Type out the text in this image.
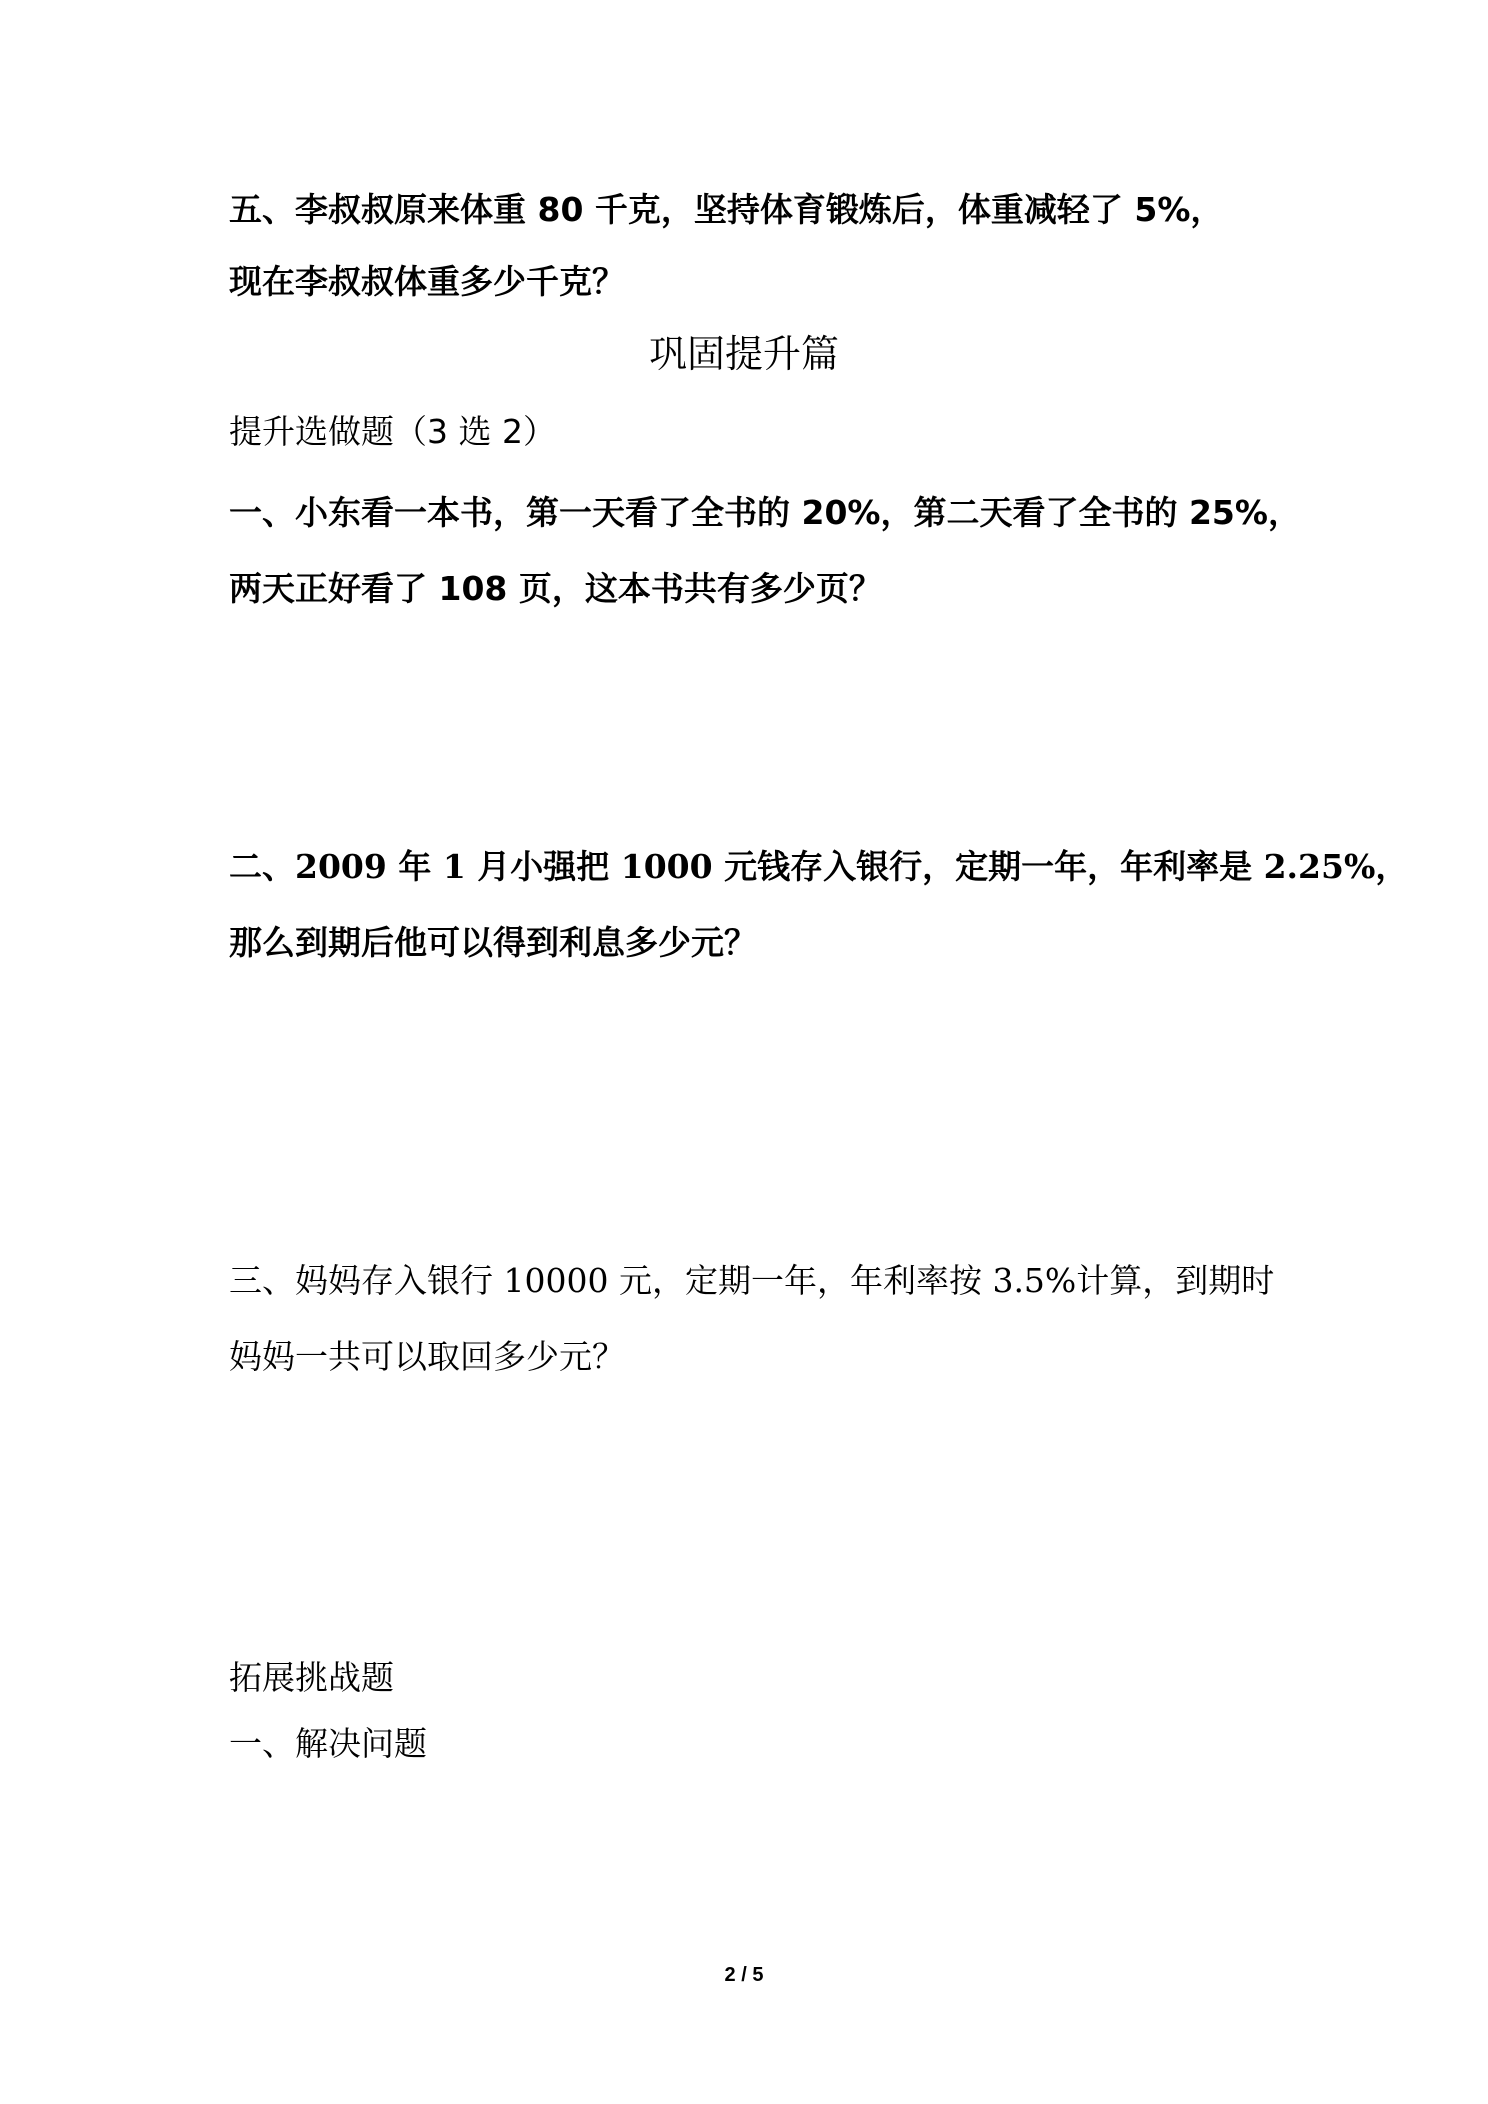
五、李叔叔原来体重 80 千克，坚持体育锻炼后，体重减轻了 5%，
现在李叔叔体重多少千克？
巩固提升篇
提升选做题（3 选 2）
一、小东看一本书，第一天看了全书的 20%，第二天看了全书的 25%，
两天正好看了 108 页，这本书共有多少页？
二、2009 年 1 月小强把 1000 元钱存入银行，定期一年，年利率是 2.25%，
那么到期后他可以得到利息多少元？
三、妈妈存入银行 10000 元，定期一年，年利率按 3.5%计算，到期时
妈妈一共可以取回多少元？
拓展挑战题
一、解决问题
2 / 5
